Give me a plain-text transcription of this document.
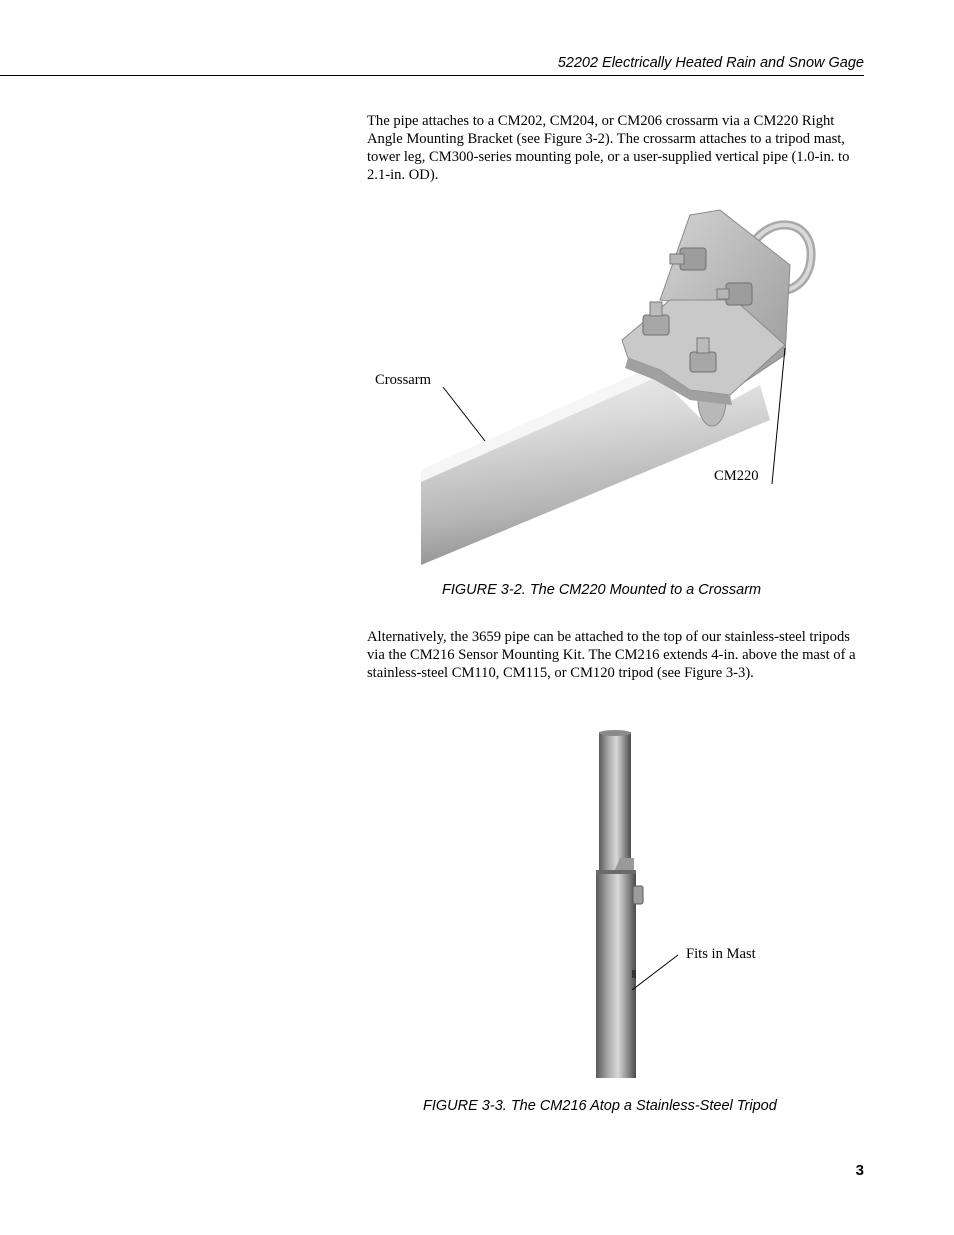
52202 Electrically Heated Rain and Snow Gage

The pipe attaches to a CM202, CM204, or CM206 crossarm via a CM220 Right Angle Mounting Bracket (see Figure 3-2). The crossarm attaches to a tripod mast, tower leg, CM300-series mounting pole, or a user-supplied vertical pipe (1.0-in. to 2.1-in. OD).

Crossarm
CM220
FIGURE 3-2. The CM220 Mounted to a Crossarm

Alternatively, the 3659 pipe can be attached to the top of our stainless-steel tripods via the CM216 Sensor Mounting Kit. The CM216 extends 4-in. above the mast of a stainless-steel CM110, CM115, or CM120 tripod (see Figure 3-3).

Fits in Mast
FIGURE 3-3. The CM216 Atop a Stainless-Steel Tripod
3
